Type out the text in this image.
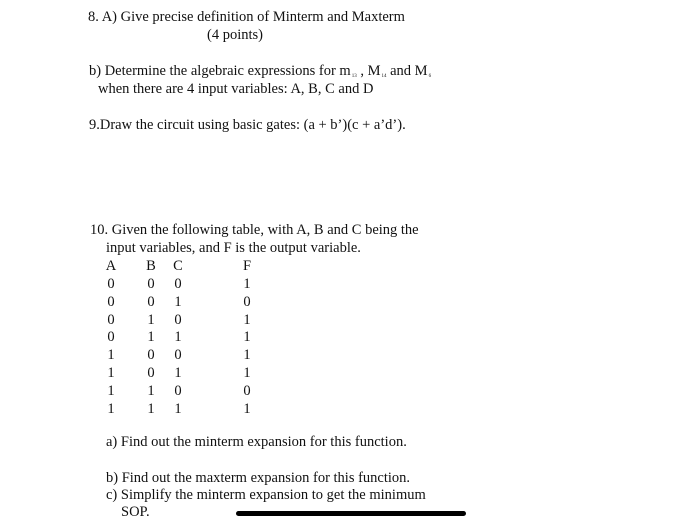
8. A) Give precise definition of Minterm and Maxterm
(4 points)
b) Determine the algebraic expressions for $m_{13}$ , $M_{14}$ and $M_6$
when there are 4 input variables: A, B, C and D
9.Draw the circuit using basic gates: (a + b’)(c + a’d’).
10. Given the following table, with A, B and C being the
input variables, and F is the output variable.
A B C	F
0 0 0	1
0 0 1	0
0 1 0	1
0 1 1	1
1 0 0	1
1 0 1	1
1 1 0	0
1 1 1	1
a) Find out the minterm expansion for this function.
b) Find out the maxterm expansion for this function.
c) Simplify the minterm expansion to get the minimum
SOP.
